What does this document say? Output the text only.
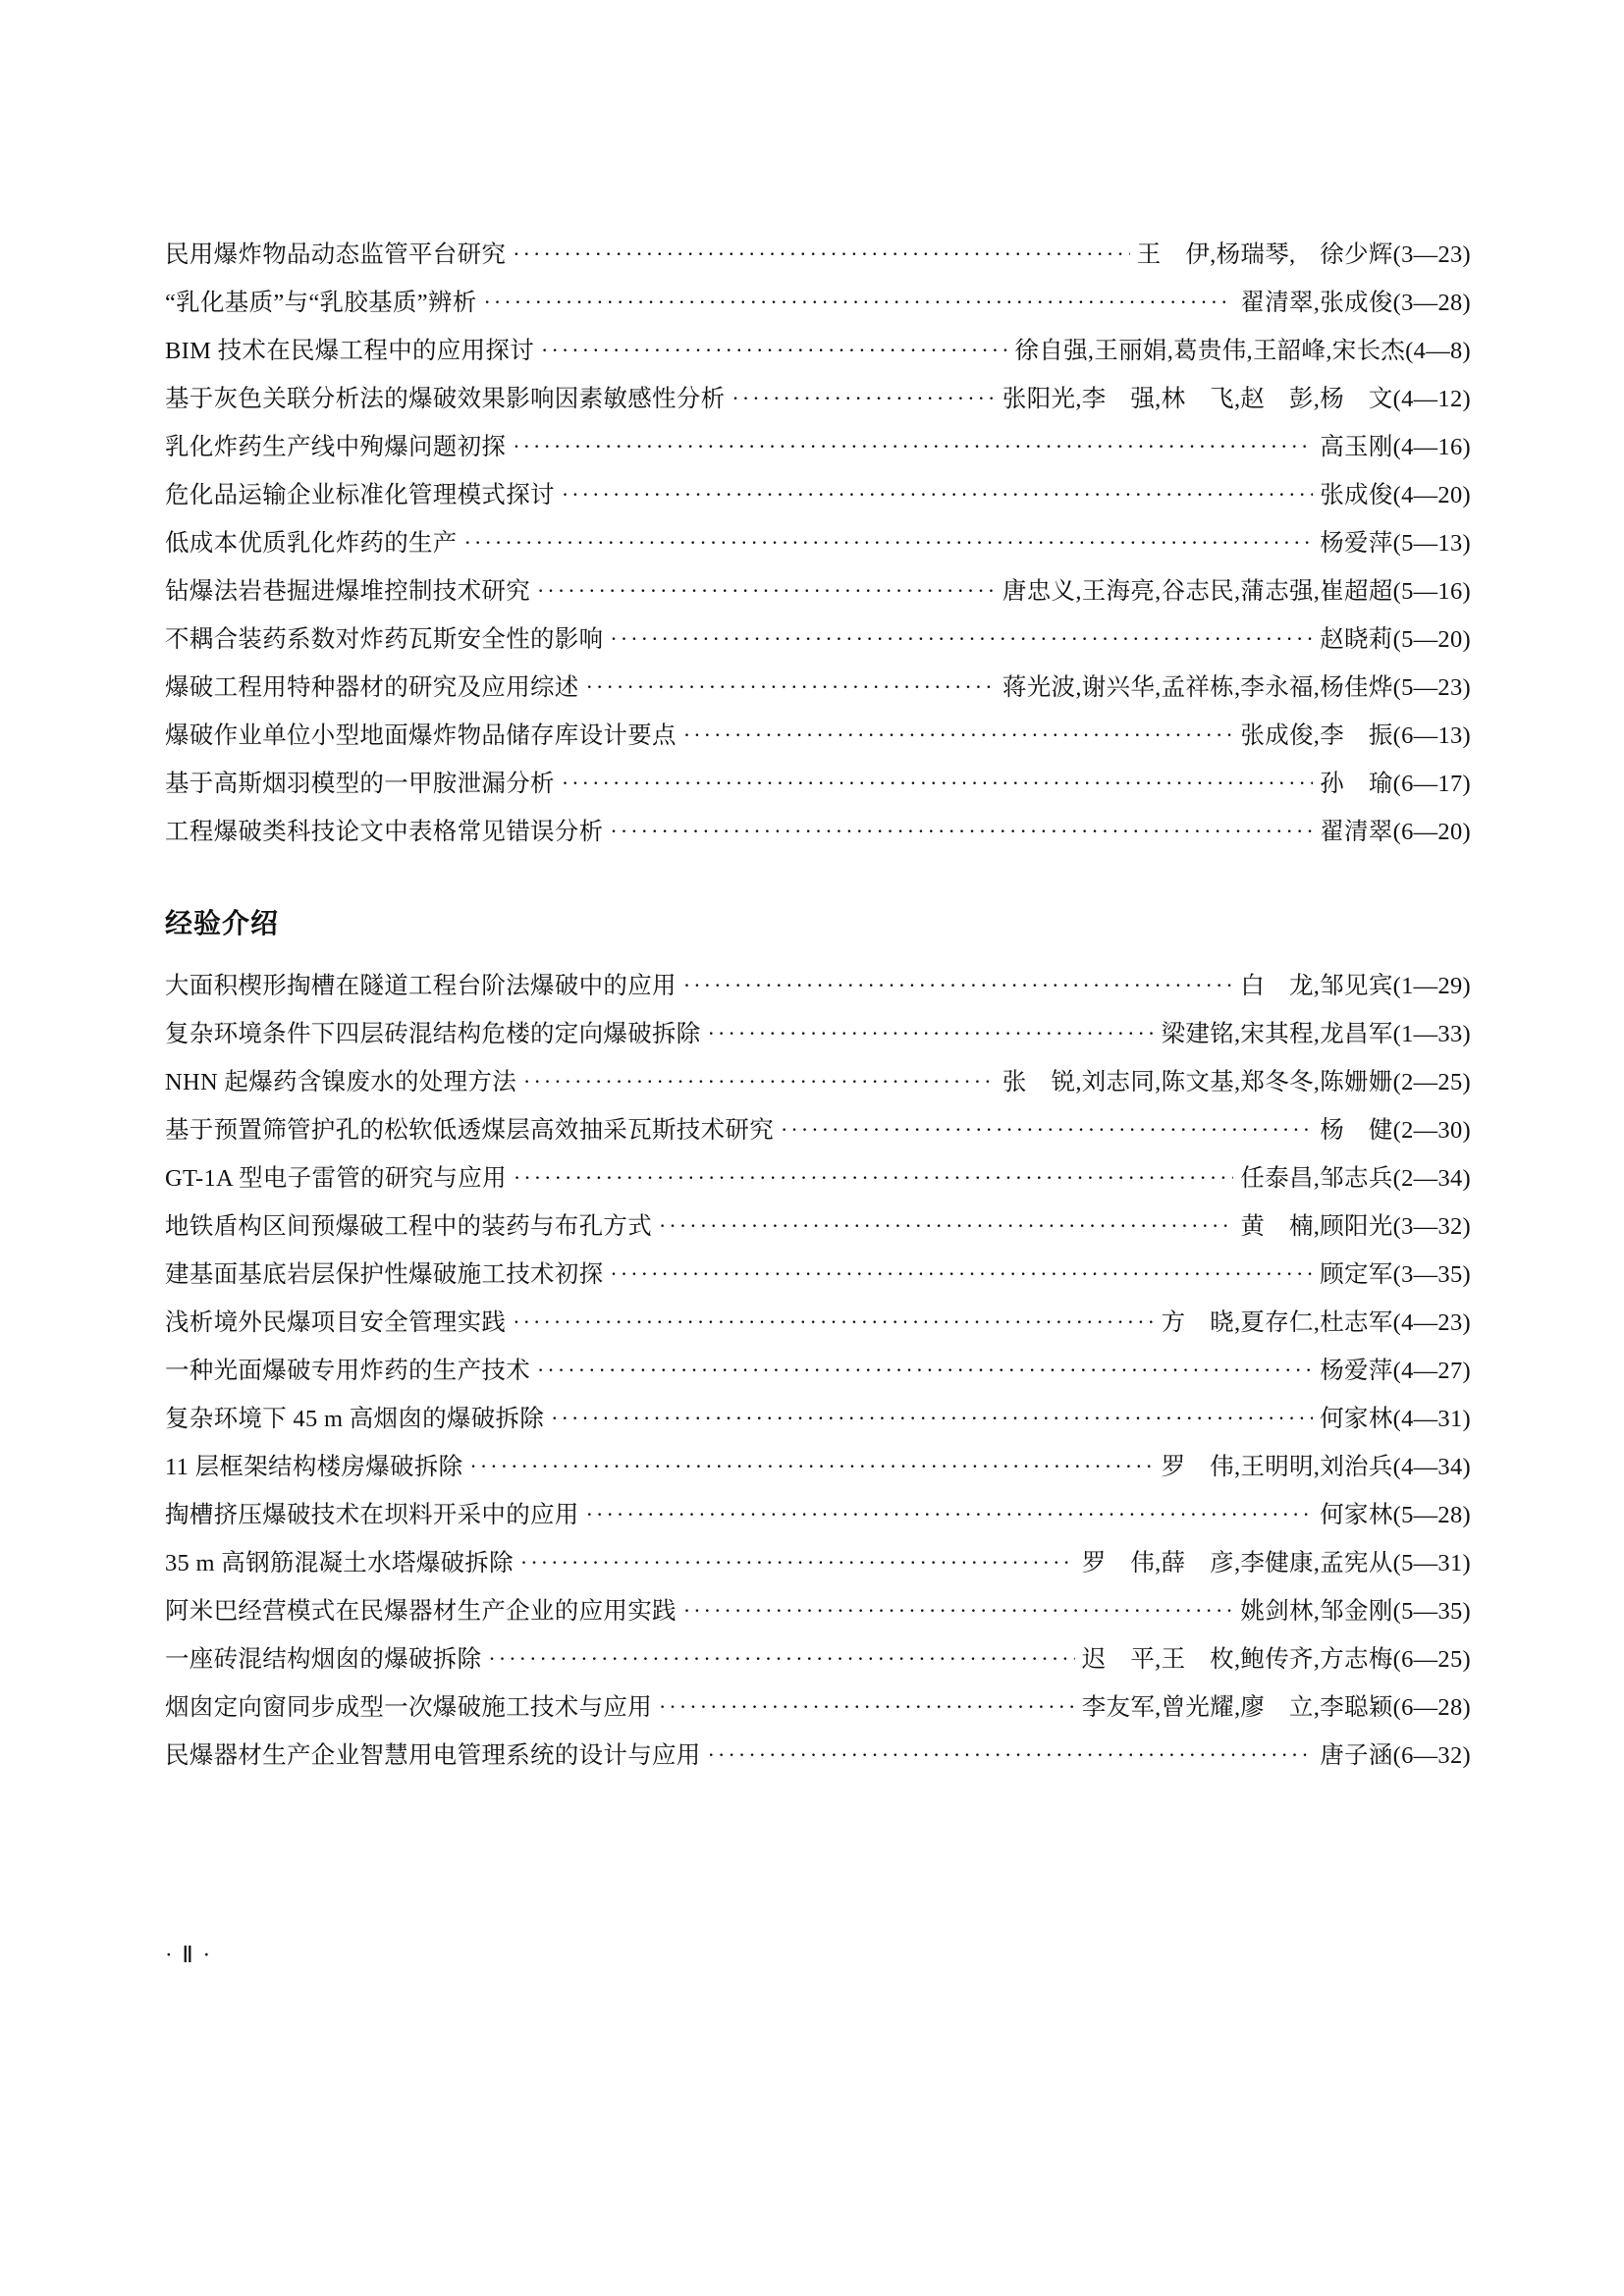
民用爆炸物品动态监管平台研究 ·····	王　伊,杨瑞琴,　徐少辉(3—23)
“乳化基质”与“乳胶基质”辨析 ·····	翟清翠,张成俊(3—28)
BIM 技术在民爆工程中的应用探讨 ·····	徐自强,王丽娟,葛贵伟,王韶峰,宋长杰(4—8)
基于灰色关联分析法的爆破效果影响因素敏感性分析 ·····	张阳光,李　强,林　飞,赵　彭,杨　文(4—12)
乳化炸药生产线中殉爆问题初探 ·····	高玉刚(4—16)
危化品运输企业标准化管理模式探讨 ·····	张成俊(4—20)
低成本优质乳化炸药的生产 ·····	杨爱萍(5—13)
钻爆法岩巷掘进爆堆控制技术研究 ·····	唐忠义,王海亮,谷志民,蒲志强,崔超超(5—16)
不耦合装药系数对炸药瓦斯安全性的影响 ·····	赵晓莉(5—20)
爆破工程用特种器材的研究及应用综述 ·····	蒋光波,谢兴华,孟祥栋,李永福,杨佳烨(5—23)
爆破作业单位小型地面爆炸物品储存库设计要点 ·····	张成俊,李　振(6—13)
基于高斯烟羽模型的一甲胺泄漏分析 ·····	孙　瑜(6—17)
工程爆破类科技论文中表格常见错误分析 ·····	翟清翠(6—20)
经验介绍
大面积楔形掏槽在隧道工程台阶法爆破中的应用 ·····	白　龙,邹见宾(1—29)
复杂环境条件下四层砖混结构危楼的定向爆破拆除 ·····	梁建铭,宋其程,龙昌军(1—33)
NHN 起爆药含镍废水的处理方法 ·····	张　锐,刘志同,陈文基,郑冬冬,陈姗姗(2—25)
基于预置筛管护孔的松软低透煤层高效抽采瓦斯技术研究 ·····	杨　健(2—30)
GT-1A 型电子雷管的研究与应用 ·····	任泰昌,邹志兵(2—34)
地铁盾构区间预爆破工程中的装药与布孔方式 ·····	黄　楠,顾阳光(3—32)
建基面基底岩层保护性爆破施工技术初探 ·····	顾定军(3—35)
浅析境外民爆项目安全管理实践 ·····	方　晓,夏存仁,杜志军(4—23)
一种光面爆破专用炸药的生产技术 ·····	杨爱萍(4—27)
复杂环境下 45 m 高烟囱的爆破拆除 ·····	何家林(4—31)
11 层框架结构楼房爆破拆除 ·····	罗　伟,王明明,刘治兵(4—34)
掏槽挤压爆破技术在坝料开采中的应用 ·····	何家林(5—28)
35 m 高钢筋混凝土水塔爆破拆除 ·····	罗　伟,薛　彦,李健康,孟宪从(5—31)
阿米巴经营模式在民爆器材生产企业的应用实践 ·····	姚剑林,邹金刚(5—35)
一座砖混结构烟囱的爆破拆除 ·····	迟　平,王　枚,鲍传齐,方志梅(6—25)
烟囱定向窗同步成型一次爆破施工技术与应用 ·····	李友军,曾光耀,廖　立,李聪颖(6—28)
民爆器材生产企业智慧用电管理系统的设计与应用 ·····	唐子涵(6—32)
· Ⅱ ·
